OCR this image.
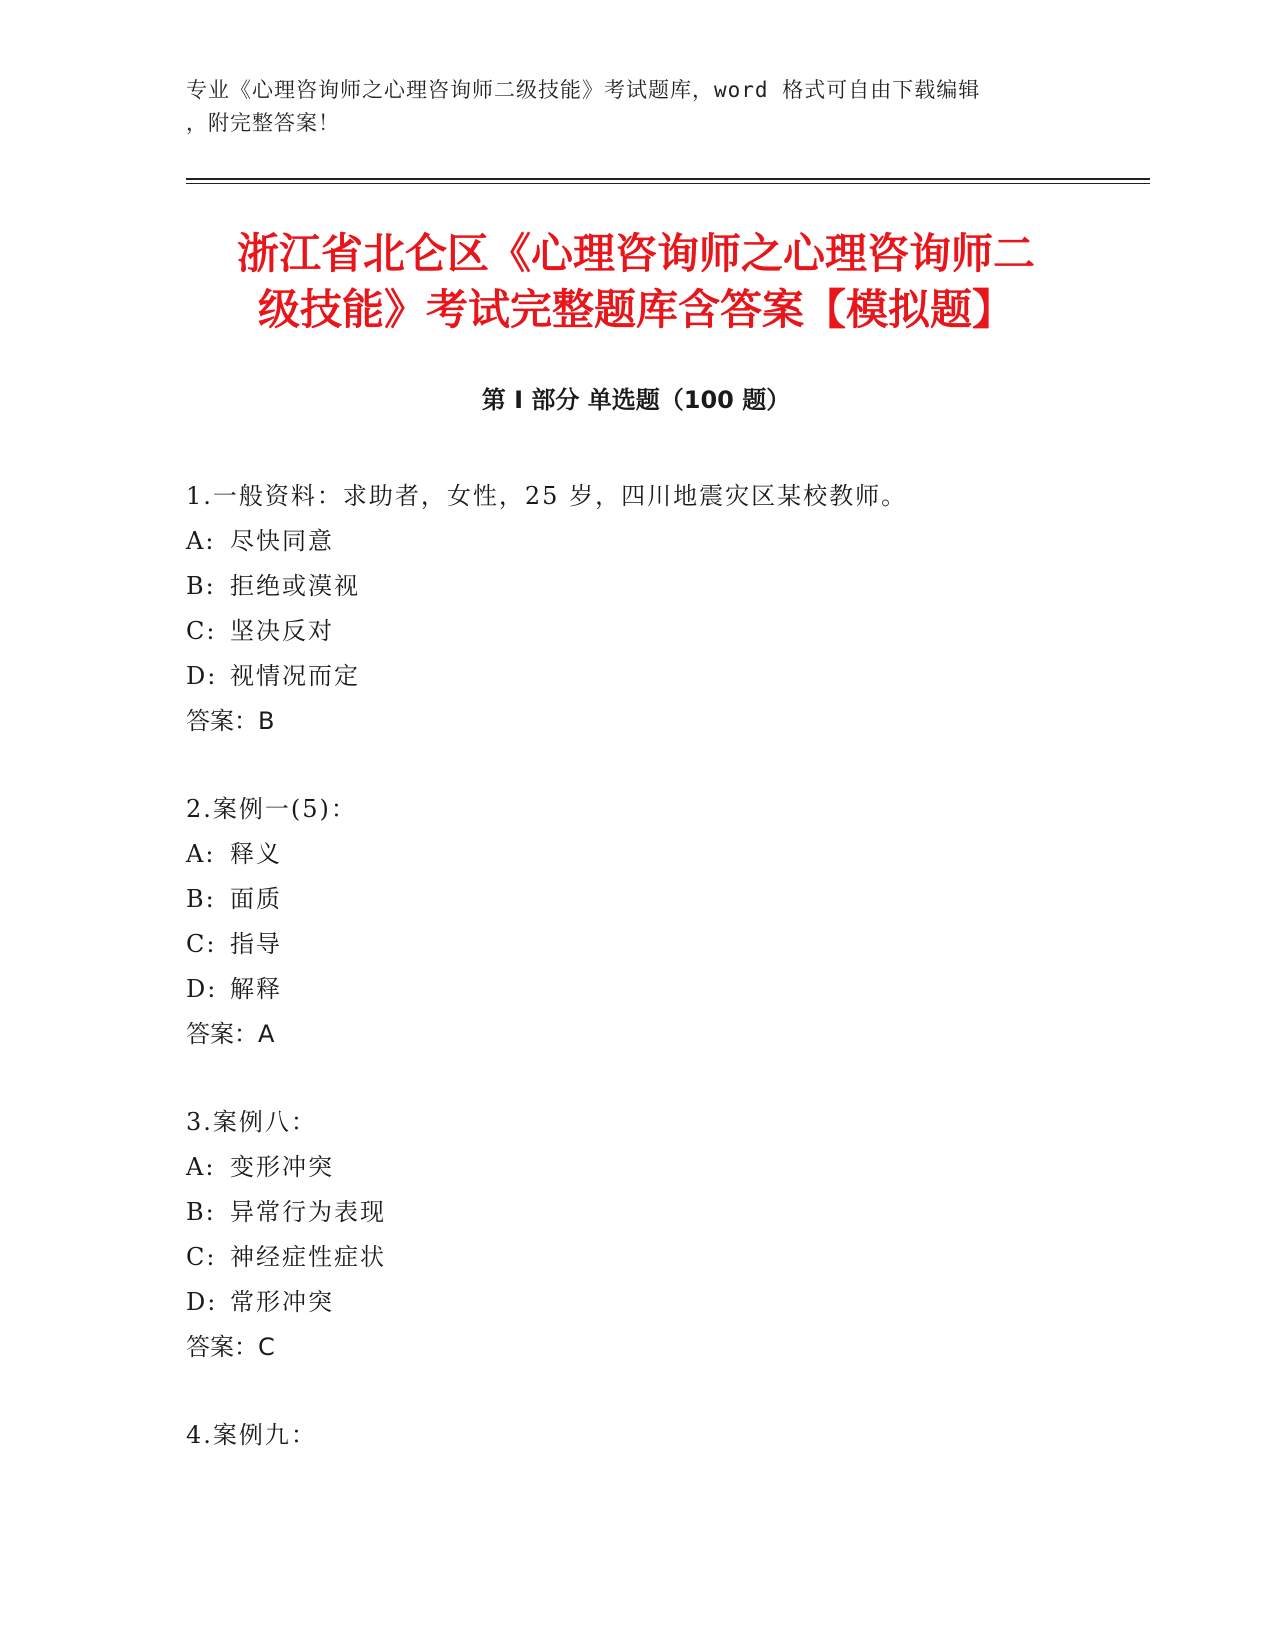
专业《心理咨询师之心理咨询师二级技能》考试题库，word 格式可自由下载编辑
，附完整答案！
浙江省北仑区《心理咨询师之心理咨询师二
级技能》考试完整题库含答案【模拟题】
第 I 部分 单选题（100 题）
1.一般资料：求助者，女性，25 岁，四川地震灾区某校教师。
A: 尽快同意
B: 拒绝或漠视
C: 坚决反对
D: 视情况而定
答案：B
2.案例一(5)：
A: 释义
B: 面质
C: 指导
D: 解释
答案：A
3.案例八：
A: 变形冲突
B: 异常行为表现
C: 神经症性症状
D: 常形冲突
答案：C
4.案例九：
